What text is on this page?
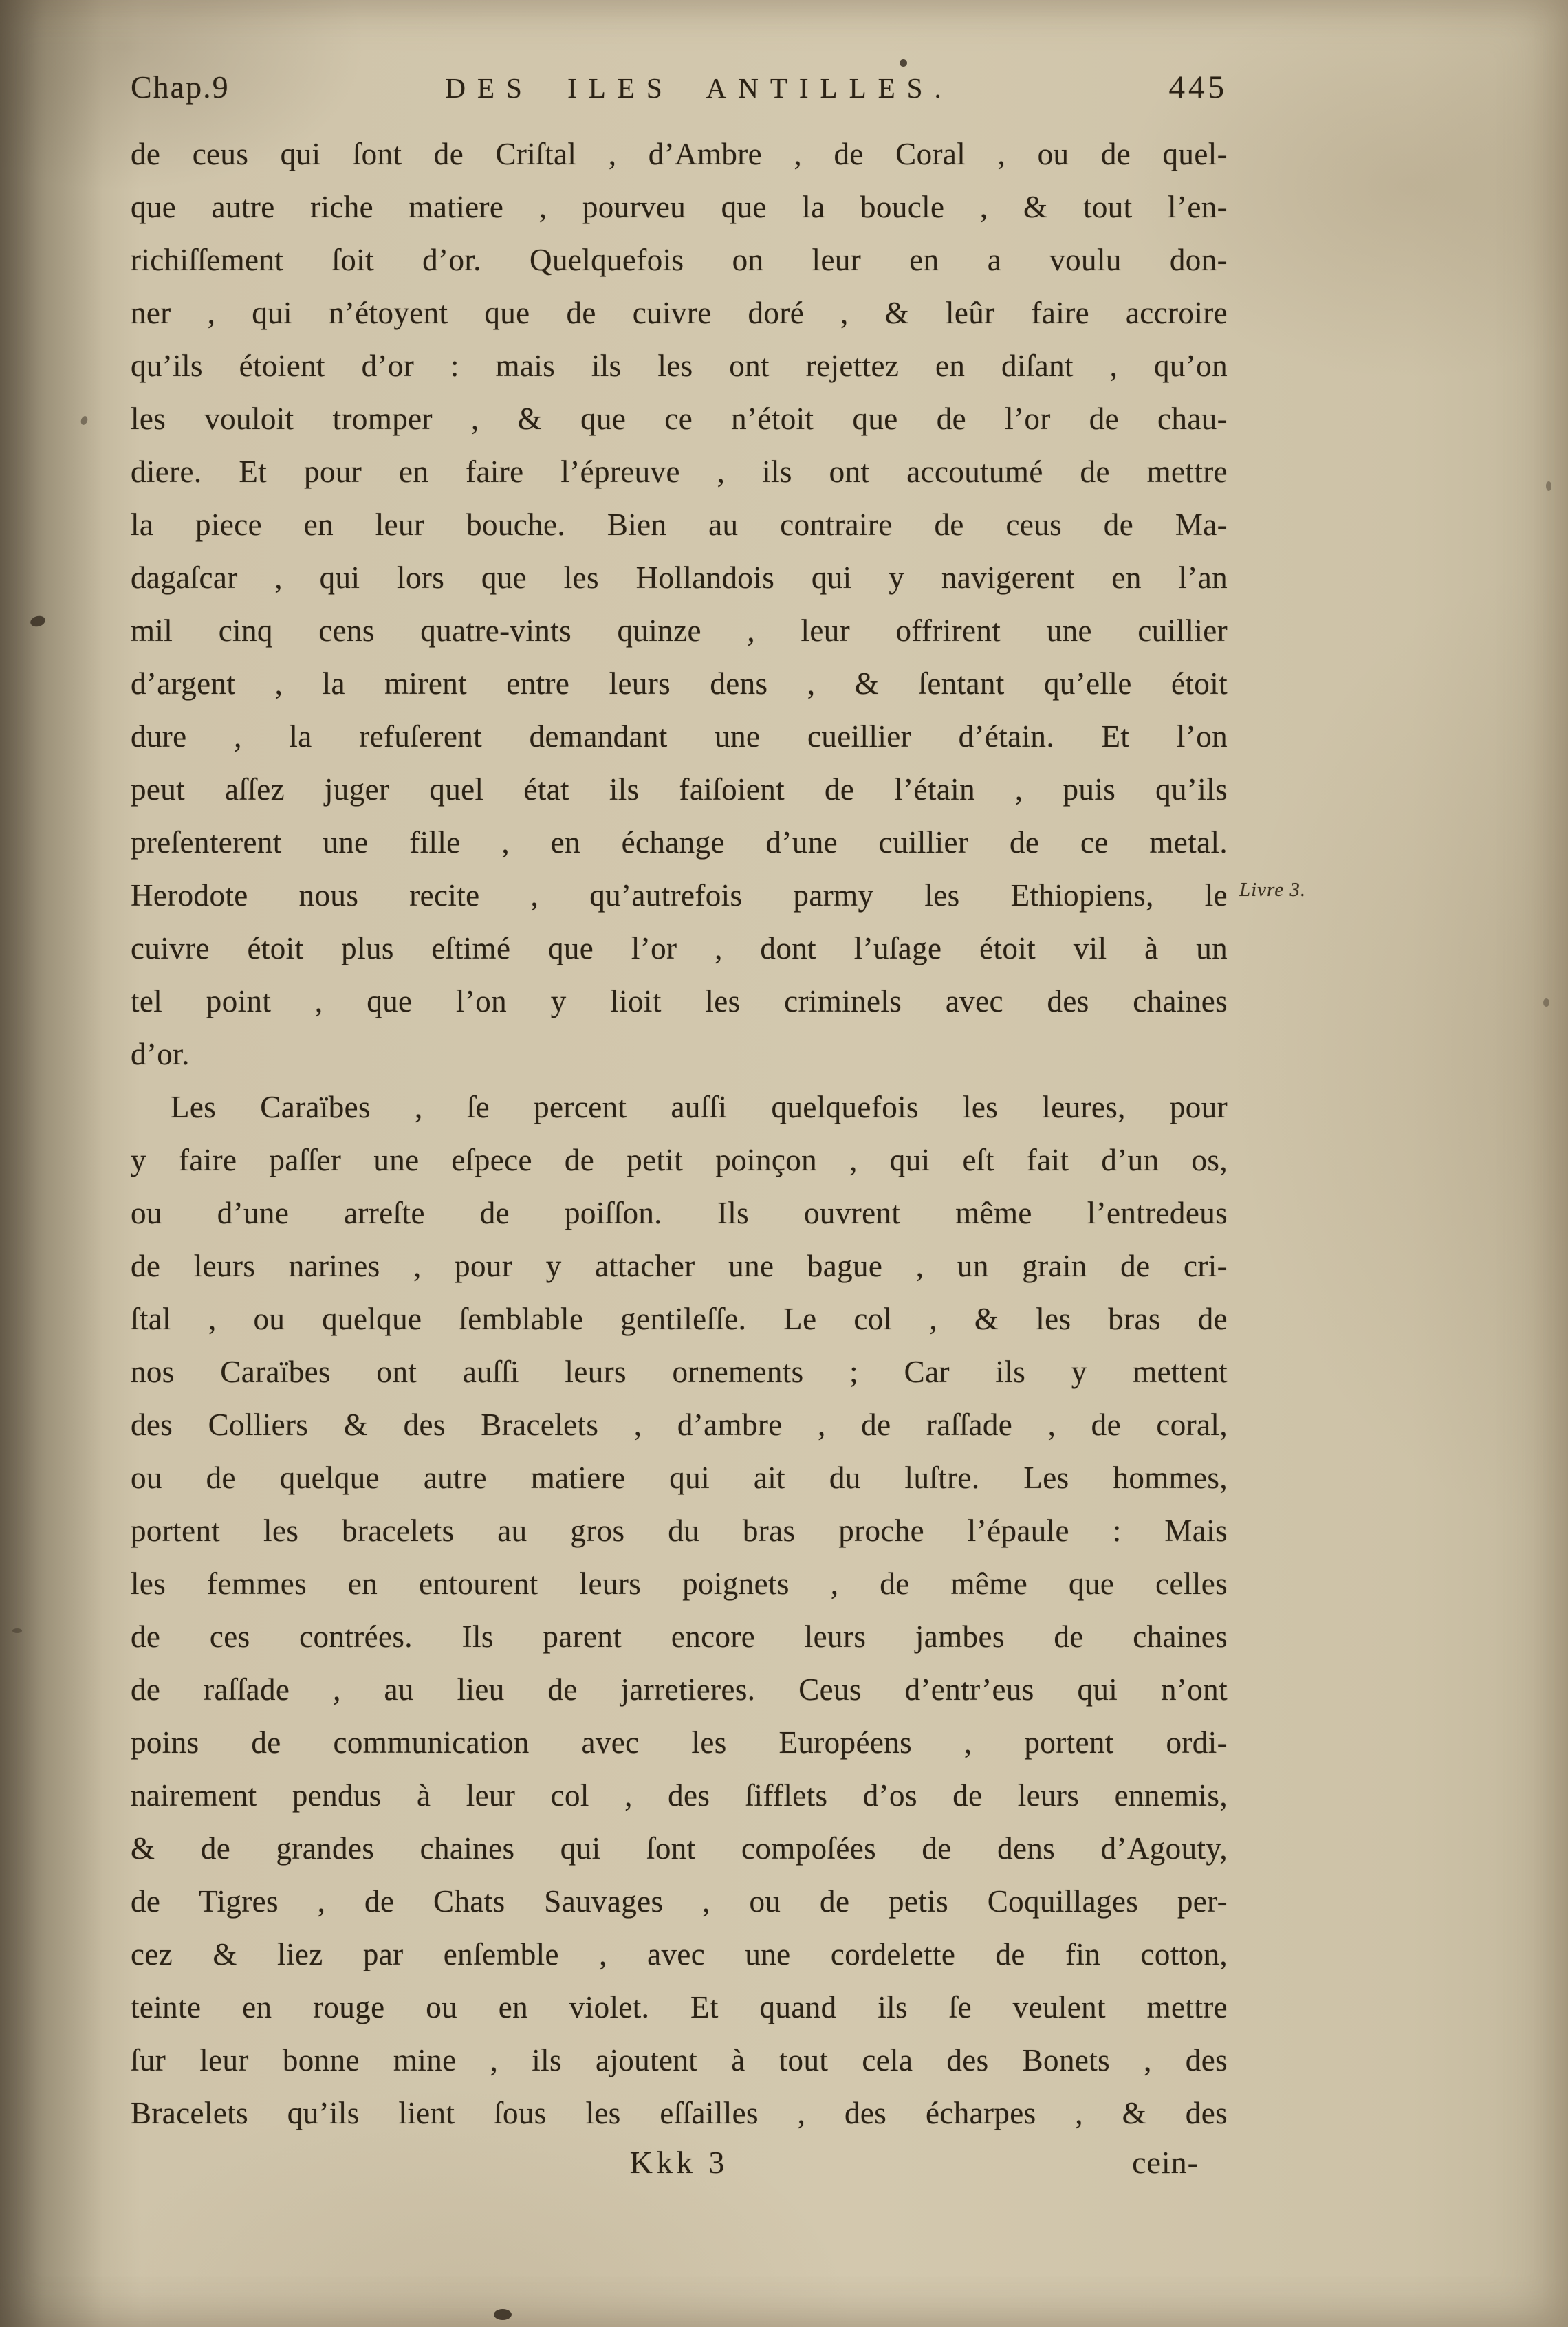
Chap.9	DES ILES ANTILLES.	445
de ceus qui ſont de Criſtal , d’Ambre , de Coral , ou de quel-
que autre riche matiere , pourveu que la boucle , & tout l’en-
richiſſement ſoit d’or. Quelquefois on leur en a voulu don-
ner , qui n’étoyent que de cuivre doré , & leûr faire accroire
qu’ils étoient d’or : mais ils les ont rejettez en diſant , qu’on
les vouloit tromper , & que ce n’étoit que de l’or de chau-
diere. Et pour en faire l’épreuve , ils ont accoutumé de mettre
la piece en leur bouche. Bien au contraire de ceus de Ma-
dagaſcar , qui lors que les Hollandois qui y navigerent en l’an
mil cinq cens quatre-vints quinze , leur offrirent une cuillier
d’argent , la mirent entre leurs dens , & ſentant qu’elle étoit
dure , la refuſerent demandant une cueillier d’étain. Et l’on
peut aſſez juger quel état ils faiſoient de l’étain , puis qu’ils
preſenterent une fille , en échange d’une cuillier de ce metal.
Herodote nous recite , qu’autrefois parmy les Ethiopiens, le
cuivre étoit plus eſtimé que l’or , dont l’uſage étoit vil à un
tel point , que l’on y lioit les criminels avec des chaines
d’or.
Les Caraïbes , ſe percent auſſi quelquefois les leures, pour
y faire paſſer une eſpece de petit poinçon , qui eſt fait d’un os,
ou d’une arreſte de poiſſon. Ils ouvrent même l’entredeus
de leurs narines , pour y attacher une bague , un grain de cri-
ſtal , ou quelque ſemblable gentileſſe. Le col , & les bras de
nos Caraïbes ont auſſi leurs ornements ; Car ils y mettent
des Colliers & des Bracelets , d’ambre , de raſſade , de coral,
ou de quelque autre matiere qui ait du luſtre. Les hommes,
portent les bracelets au gros du bras proche l’épaule : Mais
les femmes en entourent leurs poignets , de même que celles
de ces contrées. Ils parent encore leurs jambes de chaines
de raſſade , au lieu de jarretieres. Ceus d’entr’eus qui n’ont
poins de communication avec les Européens , portent ordi-
nairement pendus à leur col , des ſifflets d’os de leurs ennemis,
& de grandes chaines qui ſont compoſées de dens d’Agouty,
de Tigres , de Chats Sauvages , ou de petis Coquillages per-
cez & liez par enſemble , avec une cordelette de fin cotton,
teinte en rouge ou en violet. Et quand ils ſe veulent mettre
ſur leur bonne mine , ils ajoutent à tout cela des Bonets , des
Bracelets qu’ils lient ſous les eſſailles , des écharpes , & des
Livre 3.
Kkk 3	cein-
